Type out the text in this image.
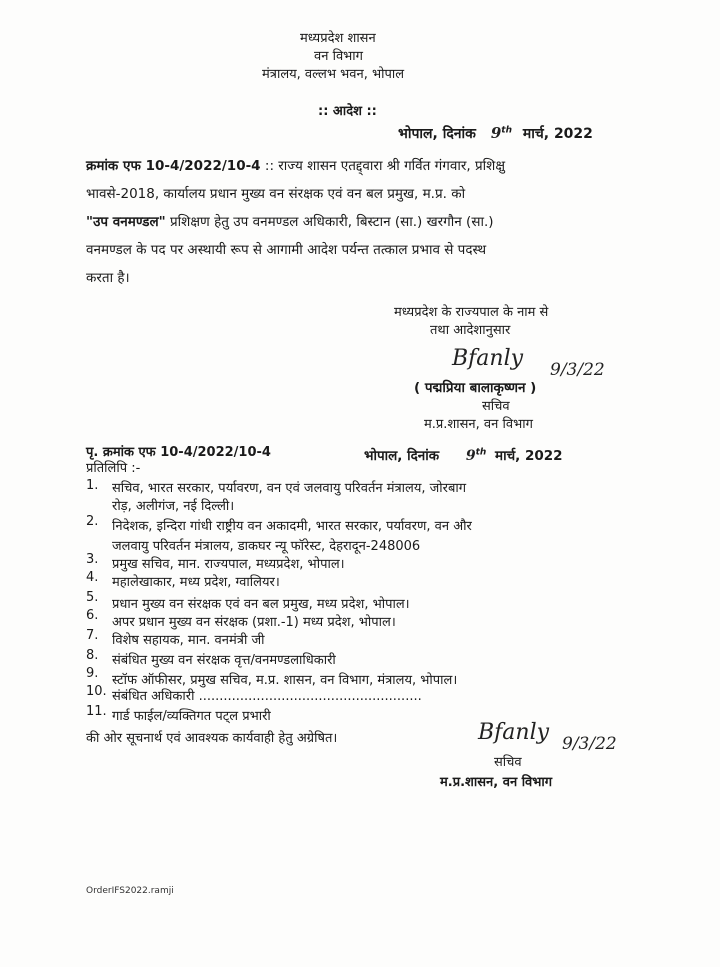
मध्यप्रदेश शासन
वन विभाग
मंत्रालय, वल्लभ भवन, भोपाल
:: आदेश ::
भोपाल, दिनांक 9th मार्च, 2022
क्रमांक एफ 10-4/2022/10-4 :: राज्य शासन एतद्द्वारा श्री गर्वित गंगवार, प्रशिक्षु
भावसे-2018, कार्यालय प्रधान मुख्य वन संरक्षक एवं वन बल प्रमुख, म.प्र. को
"उप वनमण्डल" प्रशिक्षण हेतु उप वनमण्डल अधिकारी, बिस्टान (सा.) खरगौन (सा.)
वनमण्डल के पद पर अस्थायी रूप से आगामी आदेश पर्यन्त तत्काल प्रभाव से पदस्थ
करता है।
मध्यप्रदेश के राज्यपाल के नाम से
तथा आदेशानुसार
Bfanly 9/3/22
( पद्मप्रिया बालाकृष्णन )
सचिव
म.प्र.शासन, वन विभाग
पृ. क्रमांक एफ 10-4/2022/10-4	भोपाल, दिनांक 9th मार्च, 2022
प्रतिलिपि :-
1. सचिव, भारत सरकार, पर्यावरण, वन एवं जलवायु परिवर्तन मंत्रालय, जोरबाग
रोड़, अलीगंज, नई दिल्ली।
2. निदेशक, इन्दिरा गांधी राष्ट्रीय वन अकादमी, भारत सरकार, पर्यावरण, वन और
जलवायु परिवर्तन मंत्रालय, डाकघर न्यू फॉरेस्ट, देहरादून-248006
3. प्रमुख सचिव, मान. राज्यपाल, मध्यप्रदेश, भोपाल।
4. महालेखाकार, मध्य प्रदेश, ग्वालियर।
5. प्रधान मुख्य वन संरक्षक एवं वन बल प्रमुख, मध्य प्रदेश, भोपाल।
6. अपर प्रधान मुख्य वन संरक्षक (प्रशा.-1) मध्य प्रदेश, भोपाल।
7. विशेष सहायक, मान. वनमंत्री जी
8. संबंधित मुख्य वन संरक्षक वृत्त/वनमण्डलाधिकारी
9. स्टॉफ ऑफीसर, प्रमुख सचिव, म.प्र. शासन, वन विभाग, मंत्रालय, भोपाल।
10. संबंधित अधिकारी ......................................................
11. गार्ड फाईल/व्यक्तिगत पट्ल प्रभारी
की ओर सूचनार्थ एवं आवश्यक कार्यवाही हेतु अग्रेषित।	Bfanly 9/3/22
सचिव
म.प्र.शासन, वन विभाग
OrderIFS2022.ramji
